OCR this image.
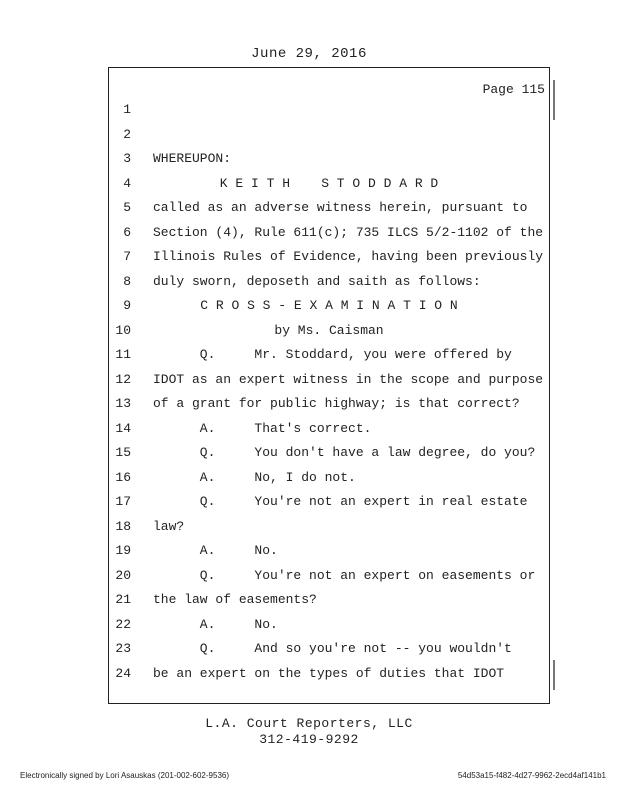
June 29, 2016
Page 115
1
2
3 WHEREUPON:
4	K E I T H    S T O D D A R D
5 called as an adverse witness herein, pursuant to
6 Section (4), Rule 611(c); 735 ILCS 5/2-1102 of the
7 Illinois Rules of Evidence, having been previously
8 duly sworn, deposeth and saith as follows:
9	C R O S S - E X A M I N A T I O N
10	by Ms. Caisman
11 Q.     Mr. Stoddard, you were offered by
12 IDOT as an expert witness in the scope and purpose
13 of a grant for public highway; is that correct?
14 A.     That's correct.
15 Q.     You don't have a law degree, do you?
16 A.     No, I do not.
17 Q.     You're not an expert in real estate
18 law?
19 A.     No.
20 Q.     You're not an expert on easements or
21 the law of easements?
22 A.     No.
23 Q.     And so you're not -- you wouldn't
24 be an expert on the types of duties that IDOT
L.A. Court Reporters, LLC
312-419-9292
Electronically signed by Lori Asauskas (201-002-602-9536)	54d53a15-f482-4d27-9962-2ecd4af141b1
